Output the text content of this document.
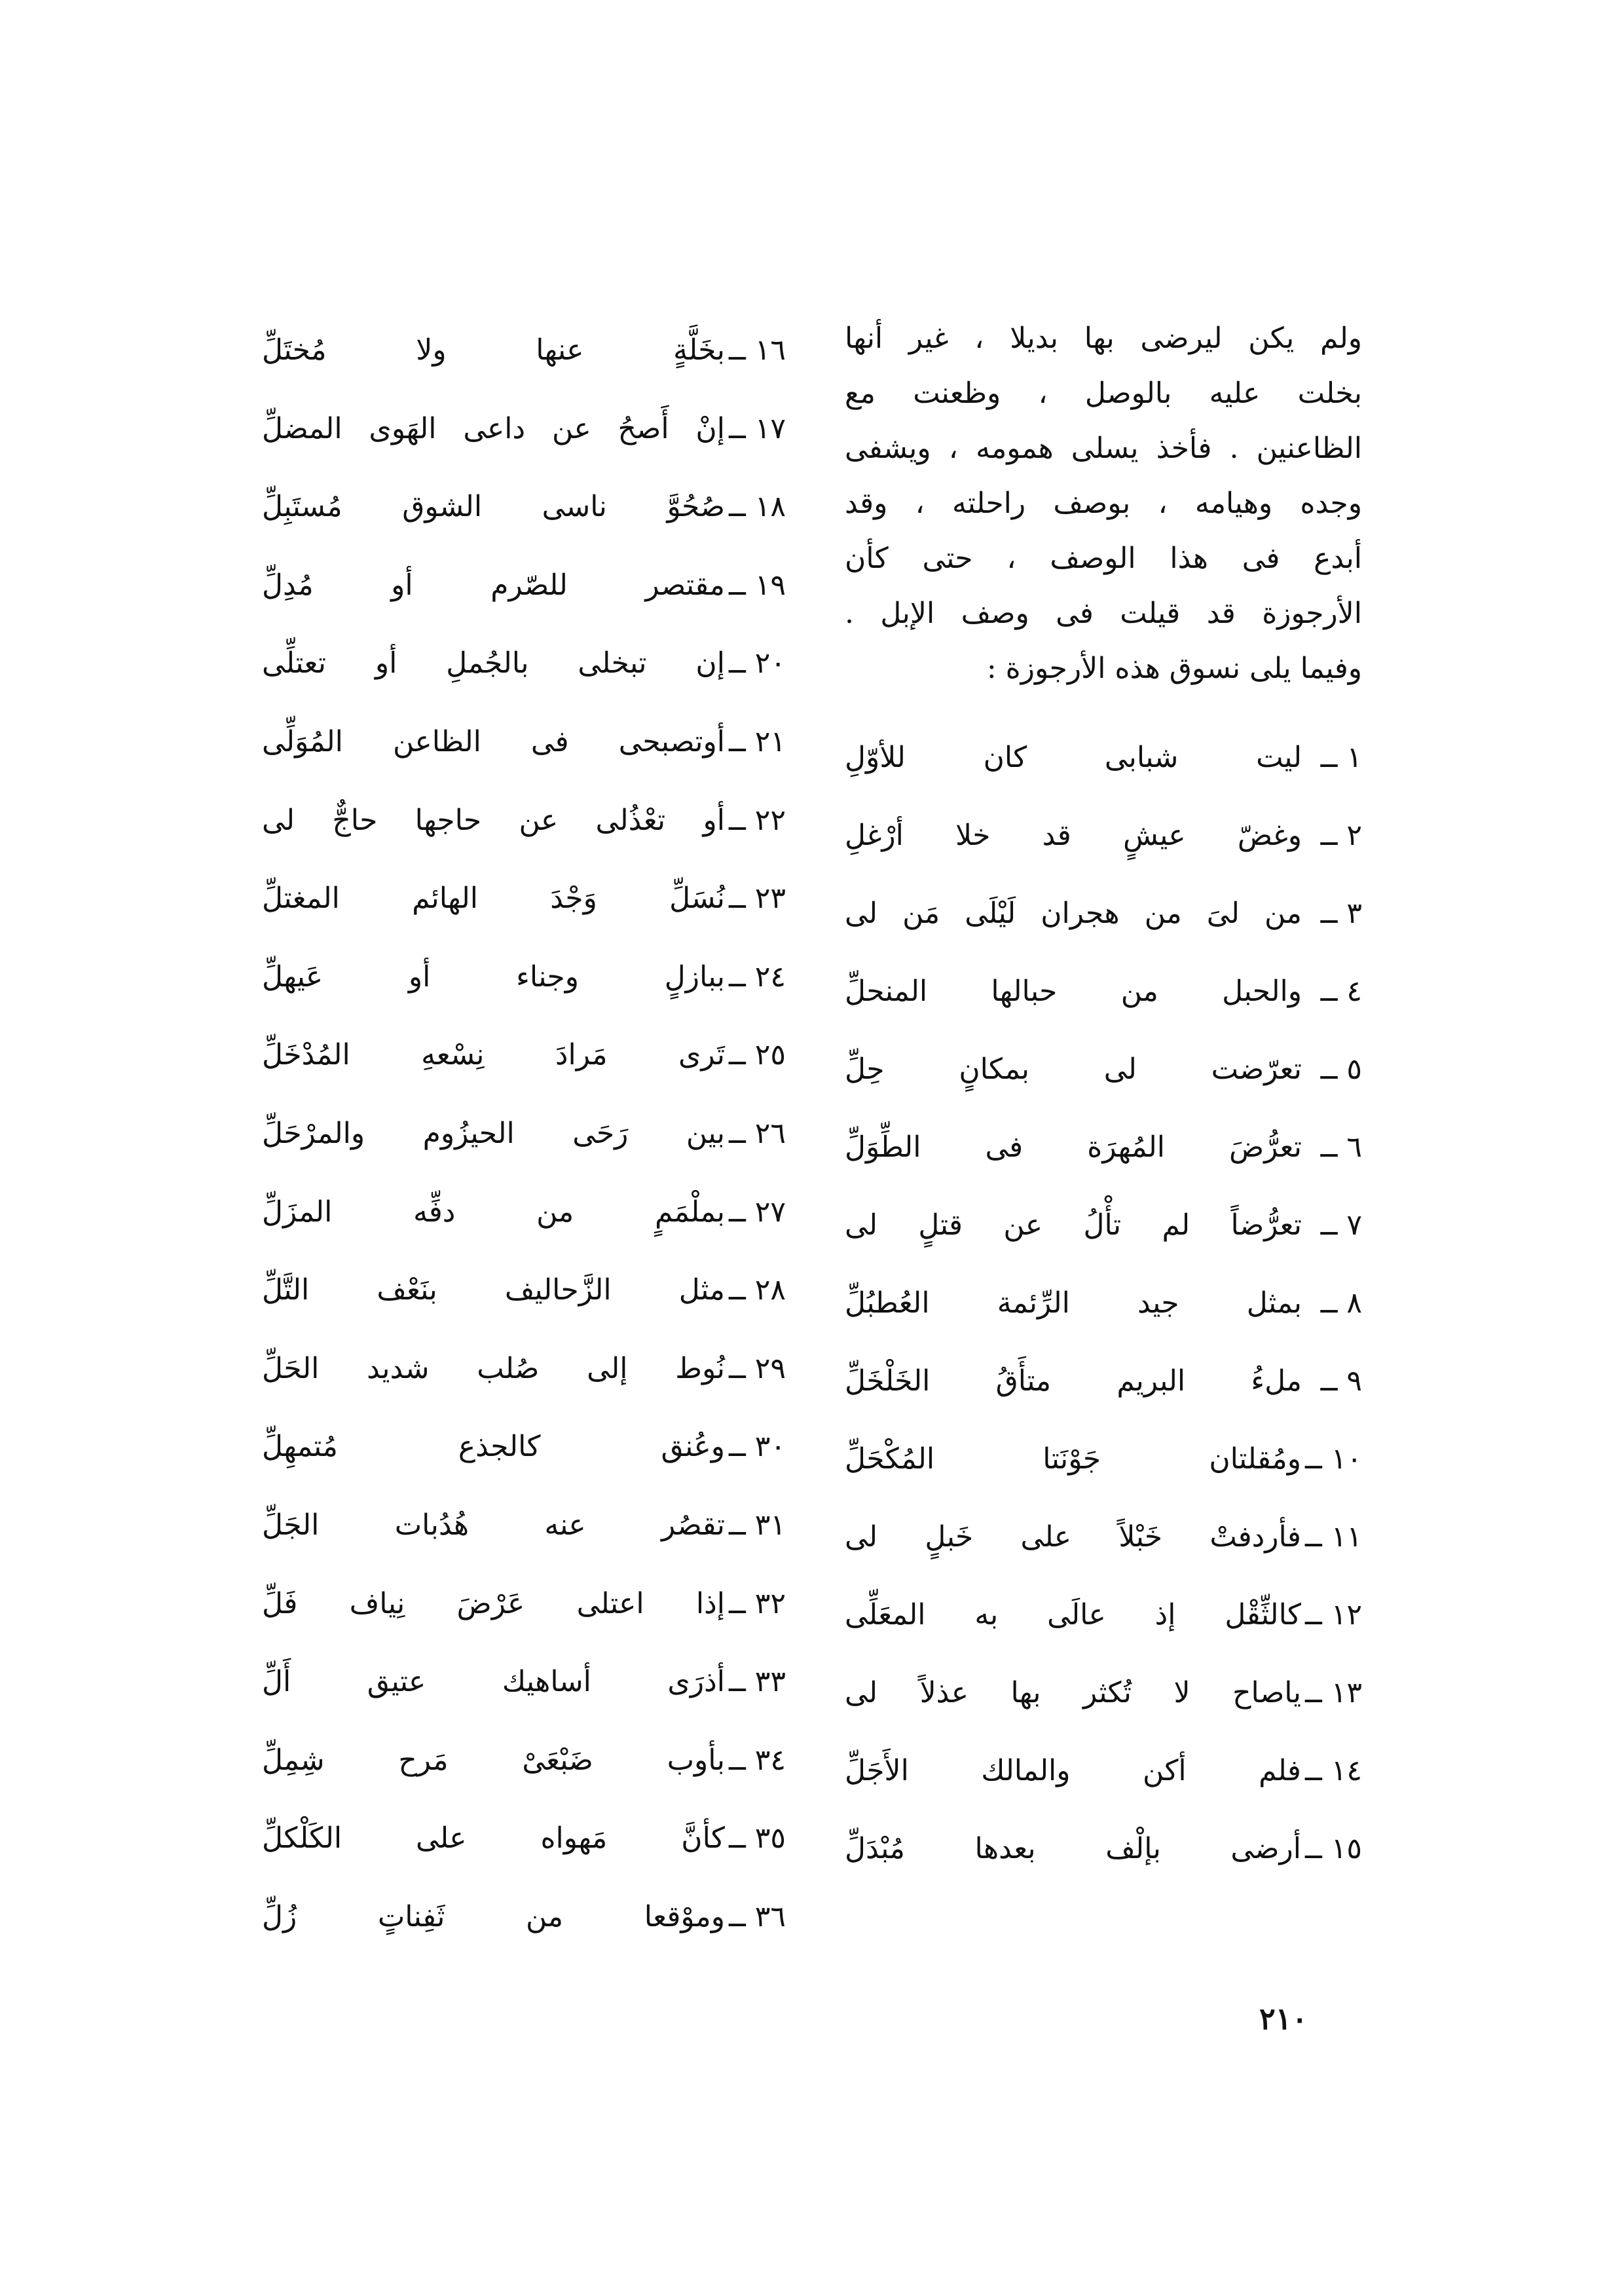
ولم يكن ليرضى بها بديلا ، غير أنها
بخلت عليه بالوصل ، وظعنت مع
الظاعنين . فأخذ يسلى همومه ، ويشفى
وجده وهيامه ، بوصف راحلته ، وقد
أبدع فى هذا الوصف ، حتى كأن
الأرجوزة قد قيلت فى وصف الإبل .
وفيما يلى نسوق هذه الأرجوزة :
١ ــ
ليت شبابى كان للأوّلِ
٢ ــ
وغضّ عيشٍ قد خلا أرْغلِ
٣ ــ
من لىَ من هجران لَيْلَى مَن لى
٤ ــ
والحبل من حبالها المنحلِّ
٥ ــ
تعرّضت لى بمكانٍ حِلِّ
٦ ــ
تعرُّضَ المُهرَة فى الطِّوَلِّ
٧ ــ
تعرُّضاً لم تأْلُ عن قتلٍ لى
٨ ــ
بمثل جيد الرِّئمة العُطبُلِّ
٩ ــ
ملءُ البريم متأَقُ الخَلْخَلِّ
١٠ ــ
ومُقلتان جَوْنَتا المُكْحَلِّ
١١ ــ
فأردفتْ خَبْلاً على خَبلٍ لى
١٢ ــ
كالثِّقْل إذ عالَى به المعَلِّى
١٣ ــ
ياصاح لا تُكثر بها عذلاً لى
١٤ ــ
فلم أكن والمالك الأَجَلِّ
١٥ ــ
أرضى بإلْف بعدها مُبْدَلِّ
١٦ ــ
بخَلَّةٍ عنها ولا مُختَلِّ
١٧ ــ
إنْ أَصحُ عن داعى الهَوى المضلِّ
١٨ ــ
صُحُوَّ ناسى الشوق مُستَبِلِّ
١٩ ــ
مقتصر للصّرم أو مُدِلِّ
٢٠ ــ
إن تبخلى بالجُملِ أو تعتلِّى
٢١ ــ
أوتصبحى فى الظاعن المُوَلِّى
٢٢ ــ
أو تعْذُلى عن حاجها حاجٌّ لى
٢٣ ــ
نُسَلِّ وَجْدَ الهائم المغتلِّ
٢٤ ــ
ببازلٍ وجناء أو عَيهلِّ
٢٥ ــ
تَرى مَرادَ نِسْعهِ المُدْخَلِّ
٢٦ ــ
بين رَحَى الحيزُوم والمرْحَلِّ
٢٧ ــ
بملْمَمٍ من دفِّه المزَلِّ
٢٨ ــ
مثل الزَّحاليف بنَعْف التَّلِّ
٢٩ ــ
نُوط إلى صُلب شديد الحَلِّ
٣٠ ــ
وعُنق كالجذع مُتمهِلِّ
٣١ ــ
تقصُر عنه هُدُبات الجَلِّ
٣٢ ــ
إذا اعتلى عَرْضَ نِياف فَلِّ
٣٣ ــ
أذرَى أساهيك عتيق أَلِّ
٣٤ ــ
بأوب ضَبْعَىْ مَرح شِمِلِّ
٣٥ ــ
كأنَّ مَهواه على الكَلْكلِّ
٣٦ ــ
وموْقعا من ثَفِناتٍ زُلِّ
٢١٠
